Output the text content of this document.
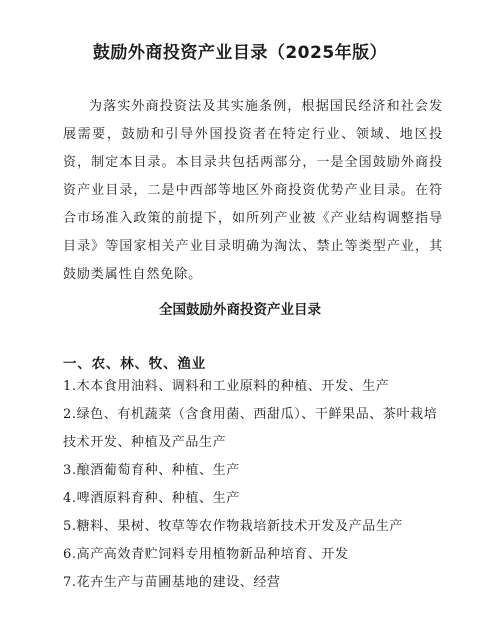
鼓励外商投资产业目录（2025年版）

为落实外商投资法及其实施条例，根据国民经济和社会发展需要，鼓励和引导外国投资者在特定行业、领域、地区投资，制定本目录。本目录共包括两部分，一是全国鼓励外商投资产业目录，二是中西部等地区外商投资优势产业目录。在符合市场准入政策的前提下，如所列产业被《产业结构调整指导目录》等国家相关产业目录明确为淘汰、禁止等类型产业，其鼓励类属性自然免除。

全国鼓励外商投资产业目录
一、农、林、牧、渔业
1.木本食用油料、调料和工业原料的种植、开发、生产
2.绿色、有机蔬菜（含食用菌、西甜瓜）、干鲜果品、茶叶栽培技术开发、种植及产品生产
3.酿酒葡萄育种、种植、生产
4.啤酒原料育种、种植、生产
5.糖料、果树、牧草等农作物栽培新技术开发及产品生产
6.高产高效青贮饲料专用植物新品种培育、开发
7.花卉生产与苗圃基地的建设、经营
